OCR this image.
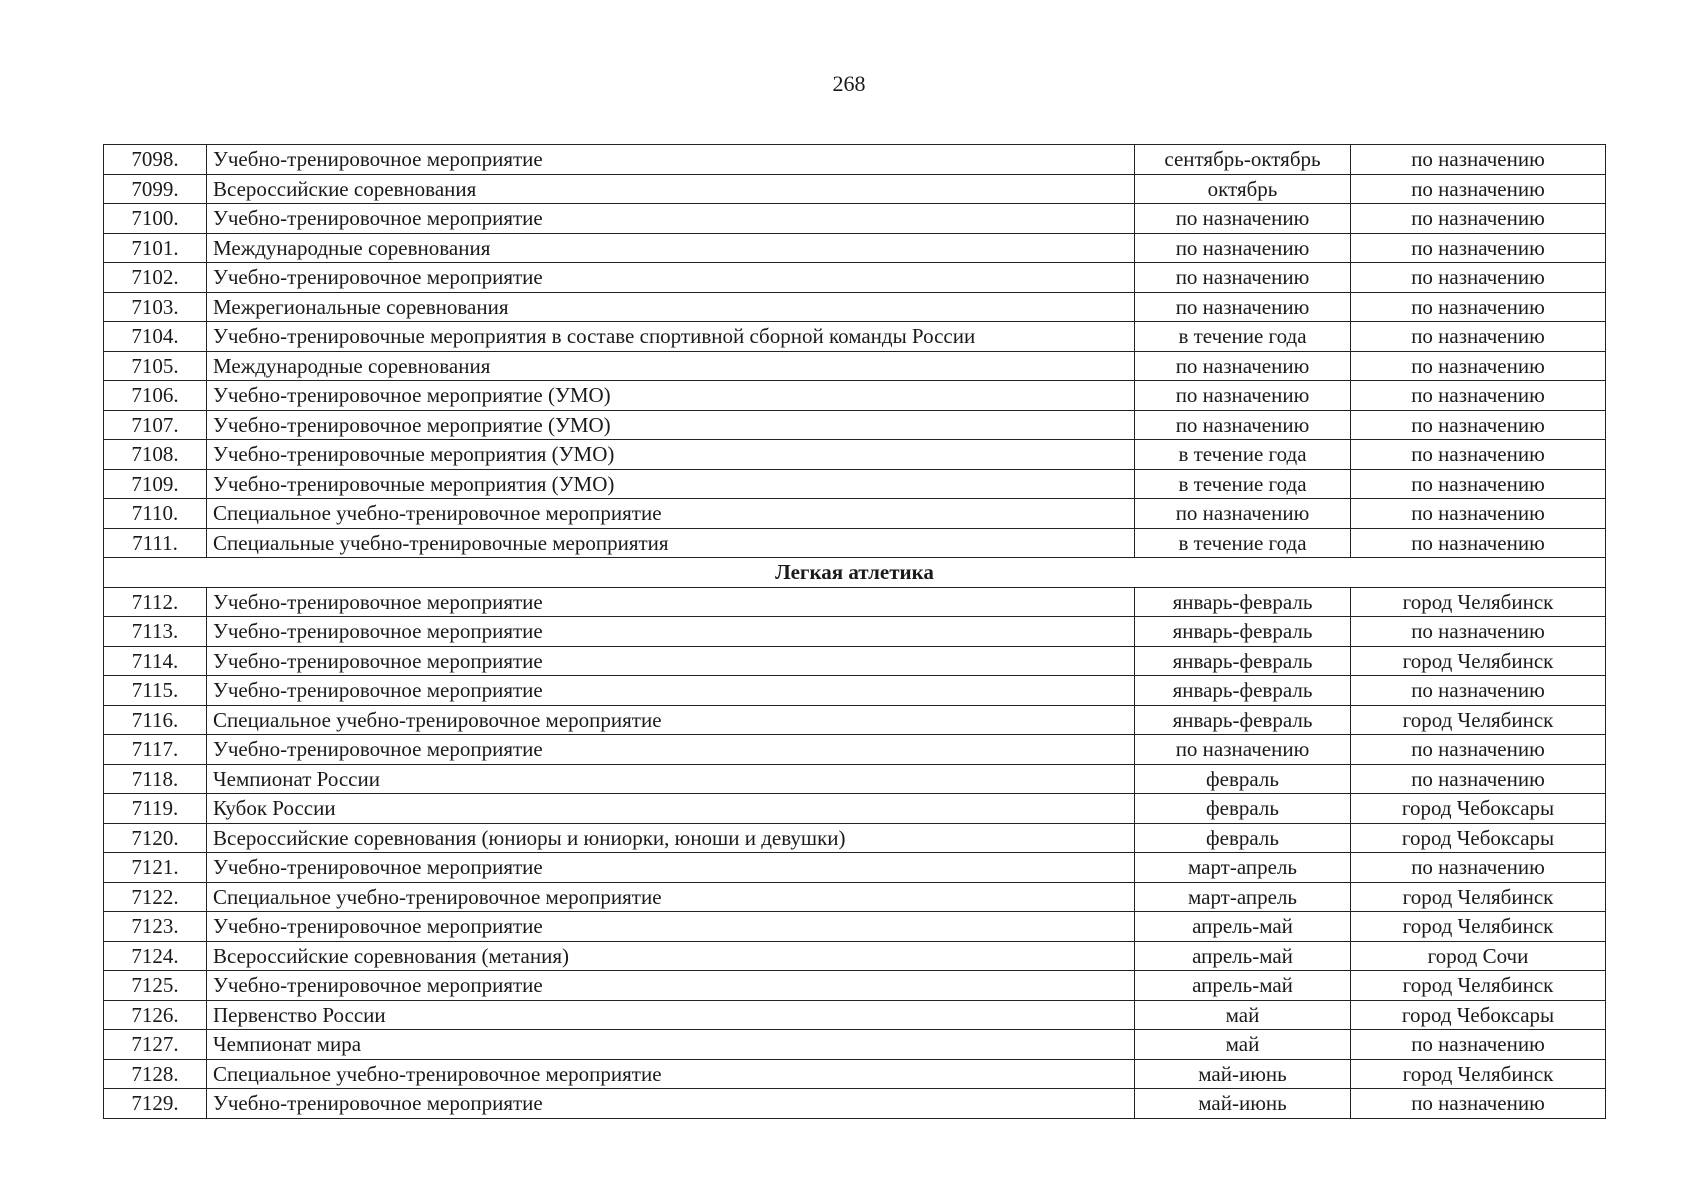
268
7098.	Учебно-тренировочное мероприятие	сентябрь-октябрь	по назначению
7099.	Всероссийские соревнования	октябрь	по назначению
7100.	Учебно-тренировочное мероприятие	по назначению	по назначению
7101.	Международные соревнования	по назначению	по назначению
7102.	Учебно-тренировочное мероприятие	по назначению	по назначению
7103.	Межрегиональные соревнования	по назначению	по назначению
7104.	Учебно-тренировочные мероприятия в составе спортивной сборной команды России	в течение года	по назначению
7105.	Международные соревнования	по назначению	по назначению
7106.	Учебно-тренировочное мероприятие (УМО)	по назначению	по назначению
7107.	Учебно-тренировочное мероприятие (УМО)	по назначению	по назначению
7108.	Учебно-тренировочные мероприятия (УМО)	в течение года	по назначению
7109.	Учебно-тренировочные мероприятия (УМО)	в течение года	по назначению
7110.	Специальное учебно-тренировочное мероприятие	по назначению	по назначению
7111.	Специальные учебно-тренировочные мероприятия	в течение года	по назначению
Легкая атлетика			
7112.	Учебно-тренировочное мероприятие	январь-февраль	город Челябинск
7113.	Учебно-тренировочное мероприятие	январь-февраль	по назначению
7114.	Учебно-тренировочное мероприятие	январь-февраль	город Челябинск
7115.	Учебно-тренировочное мероприятие	январь-февраль	по назначению
7116.	Специальное учебно-тренировочное мероприятие	январь-февраль	город Челябинск
7117.	Учебно-тренировочное мероприятие	по назначению	по назначению
7118.	Чемпионат России	февраль	по назначению
7119.	Кубок России	февраль	город Чебоксары
7120.	Всероссийские соревнования (юниоры и юниорки, юноши и девушки)	февраль	город Чебоксары
7121.	Учебно-тренировочное мероприятие	март-апрель	по назначению
7122.	Специальное учебно-тренировочное мероприятие	март-апрель	город Челябинск
7123.	Учебно-тренировочное мероприятие	апрель-май	город Челябинск
7124.	Всероссийские соревнования (метания)	апрель-май	город Сочи
7125.	Учебно-тренировочное мероприятие	апрель-май	город Челябинск
7126.	Первенство России	май	город Чебоксары
7127.	Чемпионат мира	май	по назначению
7128.	Специальное учебно-тренировочное мероприятие	май-июнь	город Челябинск
7129.	Учебно-тренировочное мероприятие	май-июнь	по назначению
